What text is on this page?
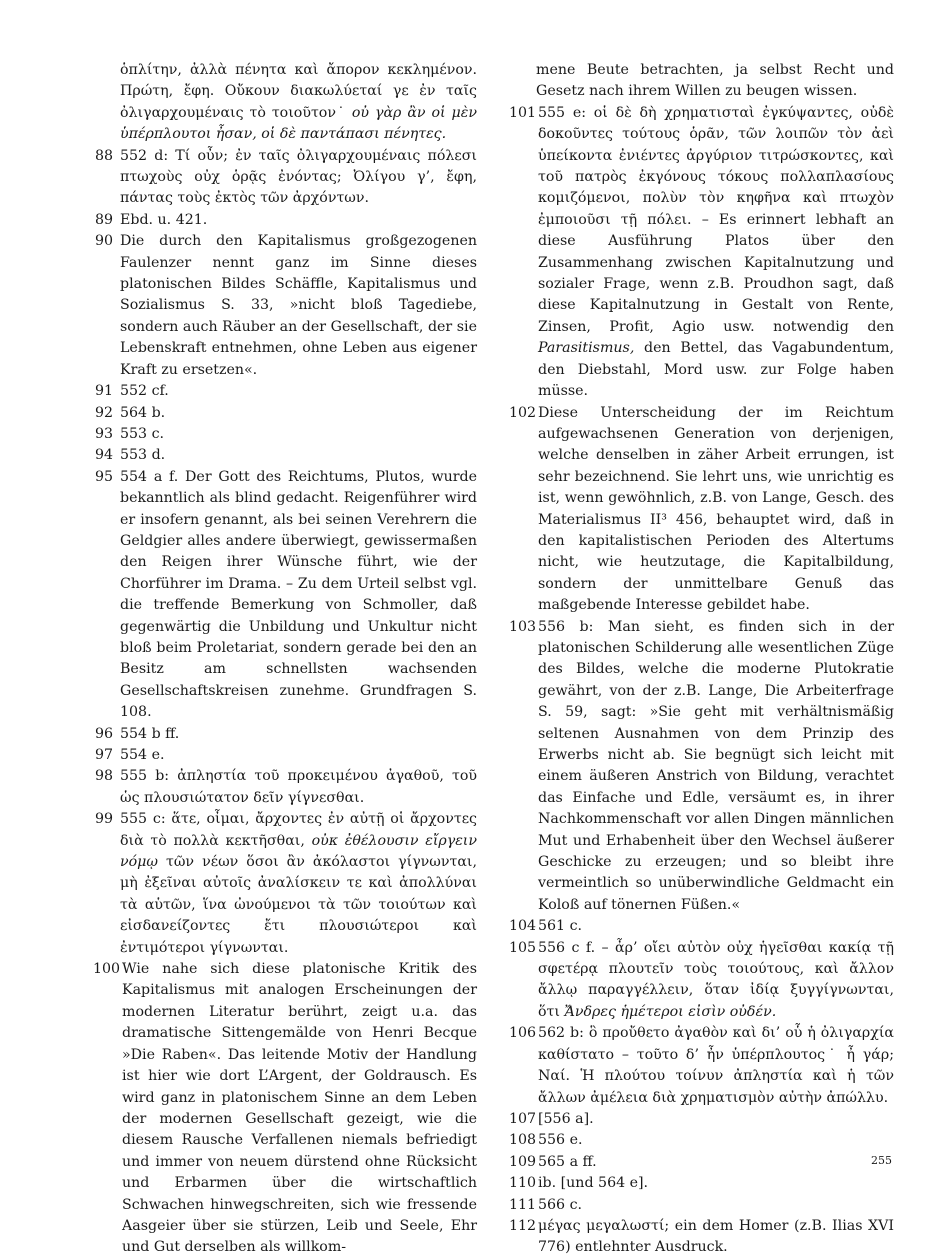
ὁπλίτην, ἀλλὰ πένητα καὶ ἄπορον κεκλημένον. Πρώτη, ἔφη. Οὔκουν διακωλύεταί γε ἐν ταῖς ὀλιγαρχουμέναις τὸ τοιοῦτον˙ οὐ γὰρ ἂν οἱ μὲν ὑπέρπλουτοι ἦσαν, οἱ δὲ παντάπασι πένητες.

88 552 d: Τί οὖν; ἐν ταῖς ὀλιγαρχουμέναις πόλεσι πτωχοὺς οὐχ ὁρᾷς ἐνόντας; Ὀλίγου γ’, ἔφη, πάντας τοὺς ἐκτὸς τῶν ἀρχόντων.

89 Ebd. u. 421.

90 Die durch den Kapitalismus großgezogenen Faulenzer nennt ganz im Sinne dieses platonischen Bildes Schäffle, Kapitalismus und Sozialismus S. 33, »nicht bloß Tagediebe, sondern auch Räuber an der Gesellschaft, der sie Lebenskraft entnehmen, ohne Leben aus eigener Kraft zu ersetzen«.

91 552 cf.

92 564 b.

93 553 c.

94 553 d.

95 554 a f. Der Gott des Reichtums, Plutos, wurde bekanntlich als blind gedacht. Reigenführer wird er insofern genannt, als bei seinen Verehrern die Geldgier alles andere überwiegt, gewissermaßen den Reigen ihrer Wünsche führt, wie der Chorführer im Drama. – Zu dem Urteil selbst vgl. die treffende Bemerkung von Schmoller, daß gegenwärtig die Unbildung und Unkultur nicht bloß beim Proletariat, sondern gerade bei den an Besitz am schnellsten wachsenden Gesellschaftskreisen zunehme. Grundfragen S. 108.

96 554 b ff.

97 554 e.

98 555 b: ἀπληστία τοῦ προκειμένου ἀγαθοῦ, τοῦ ὡς πλουσιώτατον δεῖν γίγνεσθαι.

99 555 c: ἅτε, οἶμαι, ἄρχοντες ἐν αὐτῇ οἱ ἄρχοντες διὰ τὸ πολλὰ κεκτῆσθαι, οὐκ ἐθέλουσιν εἴργειν νόμῳ τῶν νέων ὅσοι ἂν ἀκόλαστοι γίγνωνται, μὴ ἐξεῖναι αὐτοῖς ἀναλίσκειν τε καὶ ἀπολλύναι τὰ αὑτῶν, ἵνα ὠνούμενοι τὰ τῶν τοιούτων καὶ εἰσδανείζοντες ἔτι πλουσιώτεροι καὶ ἐντιμότεροι γίγνωνται.

100 Wie nahe sich diese platonische Kritik des Kapitalismus mit analogen Erscheinungen der modernen Literatur berührt, zeigt u.a. das dramatische Sittengemälde von Henri Becque »Die Raben«. Das leitende Motiv der Handlung ist hier wie dort L’Argent, der Goldrausch. Es wird ganz in platonischem Sinne an dem Leben der modernen Gesellschaft gezeigt, wie die diesem Rausche Verfallenen niemals befriedigt und immer von neuem dürstend ohne Rücksicht und Erbarmen über die wirtschaftlich Schwachen hinwegschreiten, sich wie fressende Aasgeier über sie stürzen, Leib und Seele, Ehr und Gut derselben als willkom-

mene Beute betrachten, ja selbst Recht und Gesetz nach ihrem Willen zu beugen wissen.

101 555 e: οἱ δὲ δὴ χρηματισταὶ ἐγκύψαντες, οὐδὲ δοκοῦντες τούτους ὁρᾶν, τῶν λοιπῶν τὸν ἀεὶ ὑπείκοντα ἐνιέντες ἀργύριον τιτρώσκοντες, καὶ τοῦ πατρὸς ἐκγόνους τόκους πολλαπλασίους κομιζόμενοι, πολὺν τὸν κηφῆνα καὶ πτωχὸν ἐμποιοῦσι τῇ πόλει. – Es erinnert lebhaft an diese Ausführung Platos über den Zusammenhang zwischen Kapitalnutzung und sozialer Frage, wenn z.B. Proudhon sagt, daß diese Kapitalnutzung in Gestalt von Rente, Zinsen, Profit, Agio usw. notwendig den Parasitismus, den Bettel, das Vagabundentum, den Diebstahl, Mord usw. zur Folge haben müsse.

102 Diese Unterscheidung der im Reichtum aufgewachsenen Generation von derjenigen, welche denselben in zäher Arbeit errungen, ist sehr bezeichnend. Sie lehrt uns, wie unrichtig es ist, wenn gewöhnlich, z.B. von Lange, Gesch. des Materialismus II³ 456, behauptet wird, daß in den kapitalistischen Perioden des Altertums nicht, wie heutzutage, die Kapitalbildung, sondern der unmittelbare Genuß das maßgebende Interesse gebildet habe.

103 556 b: Man sieht, es finden sich in der platonischen Schilderung alle wesentlichen Züge des Bildes, welche die moderne Plutokratie gewährt, von der z.B. Lange, Die Arbeiterfrage S. 59, sagt: »Sie geht mit verhältnismäßig seltenen Ausnahmen von dem Prinzip des Erwerbs nicht ab. Sie begnügt sich leicht mit einem äußeren Anstrich von Bildung, verachtet das Einfache und Edle, versäumt es, in ihrer Nachkommenschaft vor allen Dingen männlichen Mut und Erhabenheit über den Wechsel äußerer Geschicke zu erzeugen; und so bleibt ihre vermeintlich so unüberwindliche Geldmacht ein Koloß auf tönernen Füßen.«

104 561 c.

105 556 c f. – ἆρ’ οἴει αὐτὸν οὐχ ἡγεῖσθαι κακίᾳ τῇ σφετέρᾳ πλουτεῖν τοὺς τοιούτους, καὶ ἄλλον ἄλλῳ παραγγέλλειν, ὅταν ἰδίᾳ ξυγγίγνωνται, ὅτι Ἄνδρες ἡμέτεροι εἰσὶν οὐδέν.

106 562 b: ὃ προὔθετο ἀγαθὸν καὶ δι’ οὗ ἡ ὀλιγαρχία καθίστατο – τοῦτο δ’ ἦν ὑπέρπλουτος˙ ἦ γάρ; Ναί. Ἡ πλούτου τοίνυν ἀπληστία καὶ ἡ τῶν ἄλλων ἀμέλεια διὰ χρηματισμὸν αὐτὴν ἀπώλλυ.

107 [556 a].

108 556 e.

109 565 a ff.

110 ib. [und 564 e].

111 566 c.

112 μέγας μεγαλωστί; ein dem Homer (z.B. Ilias XVI 776) entlehnter Ausdruck.

255
